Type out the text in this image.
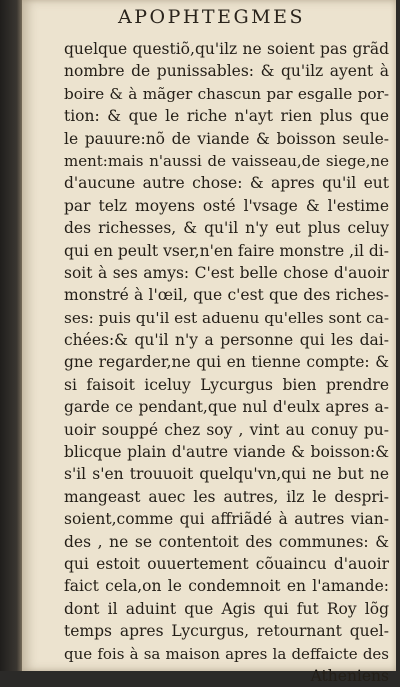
APOPHTEGMES
quelque questiõ,qu'ilz ne soient pas grãd
nombre de punissables: & qu'ilz ayent à
boire & à mãger chascun par esgalle por-
tion: & que le riche n'ayt rien plus que
le pauure:nõ de viande & boisson seule-
ment:mais n'aussi de vaisseau,de siege,ne
d'aucune autre chose: & apres qu'il eut
par telz moyens osté l'vsage & l'estime
des richesses, & qu'il n'y eut plus celuy
qui en peult vser,n'en faire monstre ,il di-
soit à ses amys: C'est belle chose d'auoir
monstré à l'œil, que c'est que des riches-
ses: puis qu'il est aduenu qu'elles sont ca-
chées:& qu'il n'y a personne qui les dai-
gne regarder,ne qui en tienne compte: &
si faisoit iceluy Lycurgus bien prendre
garde ce pendant,que nul d'eulx apres a-
uoir souppé chez soy , vint au conuy pu-
blicque plain d'autre viande & boisson:&
s'il s'en trouuoit quelqu'vn,qui ne but ne
mangeast auec les autres, ilz le despri-
soient,comme qui affriãdé à autres vian-
des , ne se contentoit des communes: &
qui estoit ouuertement cõuaincu d'auoir
faict cela,on le condemnoit en l'amande:
dont il aduint que Agis qui fut Roy lõg
temps apres Lycurgus, retournant quel-
que fois à sa maison apres la deffaicte des
Atheniens
